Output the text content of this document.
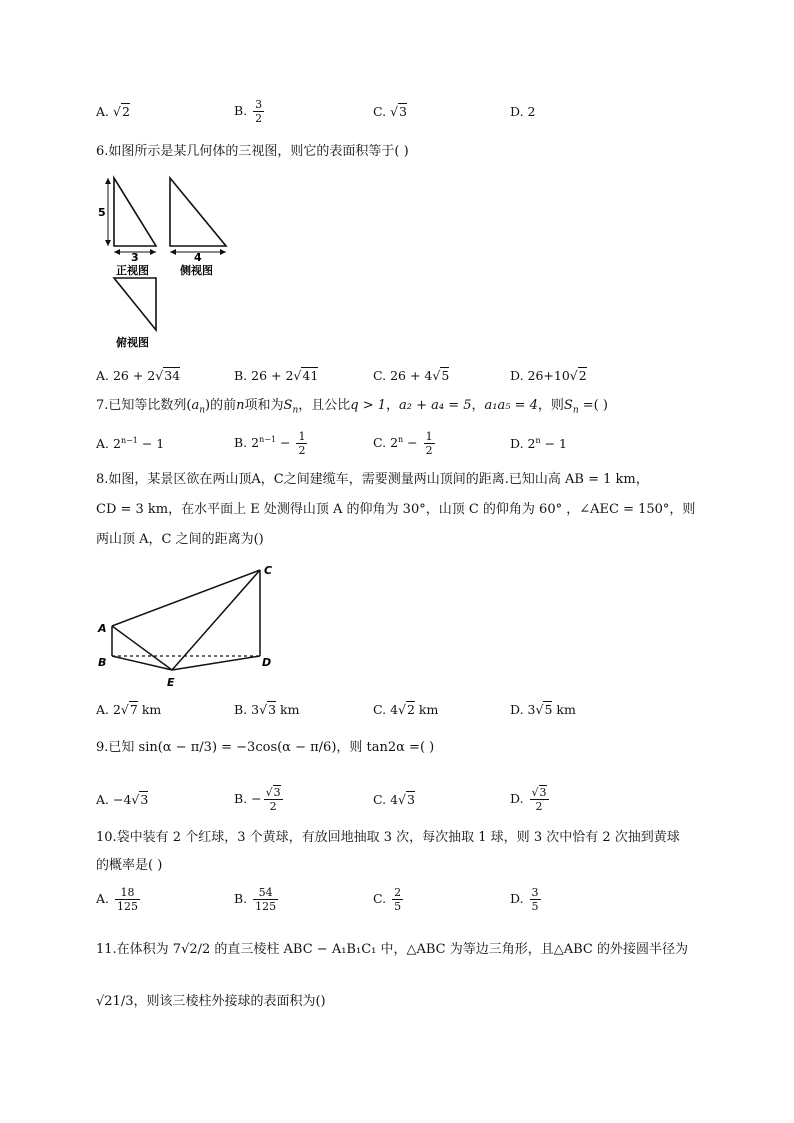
A. √2	B. $\frac{3}{2}$	C. √3	D. 2
6.如图所示是某几何体的三视图，则它的表面积等于( )
5
3
正视图
4
侧视图
俯视图
A. 26 + 2√34	B. 26 + 2√41	C. 26 + 4√5	D. 26+10√2
7.已知等比数列$(a_n)$的前n项和为$S_n$，且公比q > 1，a₂ + a₄ = 5，a₁a₅ = 4，则$S_n$ =( )
A. $2^{n-1} - 1$	B. $2^{n-1} - \frac{1}{2}$	C. $2^n - \frac{1}{2}$	D. $2^n - 1$
8.如图，某景区欲在两山顶A，C之间建缆车，需要测量两山顶间的距离.已知山高 AB = 1 km，
CD = 3 km，在水平面上 E 处测得山顶 A 的仰角为 30°，山顶 C 的仰角为 60° ，∠AEC = 150°，则
两山顶 A，C 之间的距离为()
A
B
C
D
E
A. 2√7 km	B. 3√3 km	C. 4√2 km	D. 3√5 km
9.已知 sin(α − π/3) = −3cos(α − π/6)，则 tan2α =( )
A. −4√3	B. − $\frac{√3}{2}$	C. 4√3	D. $\frac{√3}{2}$
10.袋中装有 2 个红球，3 个黄球，有放回地抽取 3 次，每次抽取 1 球，则 3 次中恰有 2 次抽到黄球
的概率是( )
A. $\frac{18}{125}$	B. $\frac{54}{125}$	C. $\frac{2}{5}$	D. $\frac{3}{5}$
11.在体积为 7√2/2 的直三棱柱 ABC − A₁B₁C₁ 中，△ABC 为等边三角形，且△ABC 的外接圆半径为
√21/3，则该三棱柱外接球的表面积为()
